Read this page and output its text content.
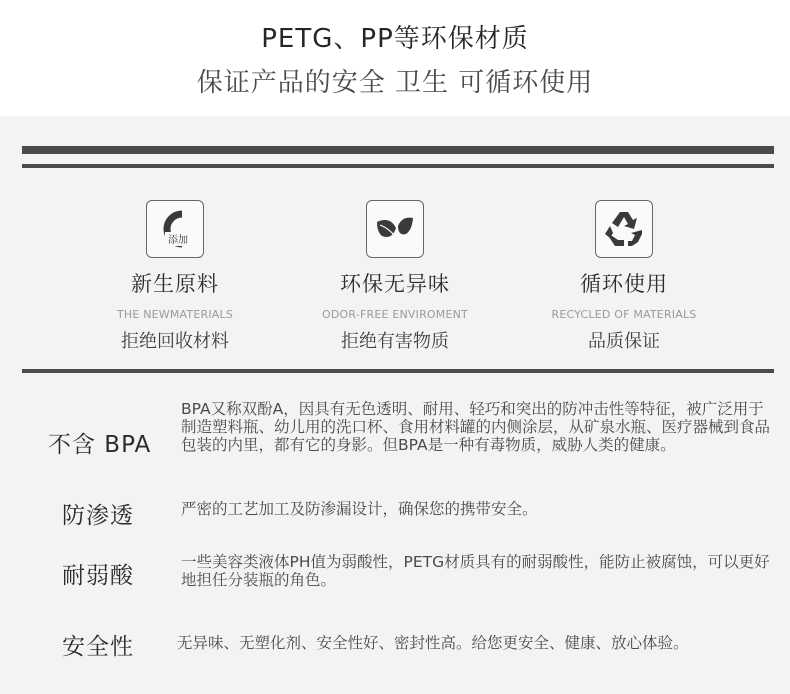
PETG、PP等环保材质
保证产品的安全 卫生 可循环使用
添加
新生原料
THE NEWMATERIALS
拒绝回收材料
环保无异味
ODOR-FREE ENVIROMENT
拒绝有害物质
循环使用
RECYCLED OF MATERIALS
品质保证
不含 BPA
BPA又称双酚A，因具有无色透明、耐用、轻巧和突出的防冲击性等特征，被广泛用于制造塑料瓶、幼儿用的洗口杯、食用材料罐的内侧涂层，从矿泉水瓶、医疗器械到食品包装的内里，都有它的身影。但BPA是一种有毒物质，威胁人类的健康。
防渗透	严密的工艺加工及防渗漏设计，确保您的携带安全。
耐弱酸
一些美容类液体PH值为弱酸性，PETG材质具有的耐弱酸性，能防止被腐蚀，可以更好地担任分装瓶的角色。
安全性	无异味、无塑化剂、安全性好、密封性高。给您更安全、健康、放心体验。
